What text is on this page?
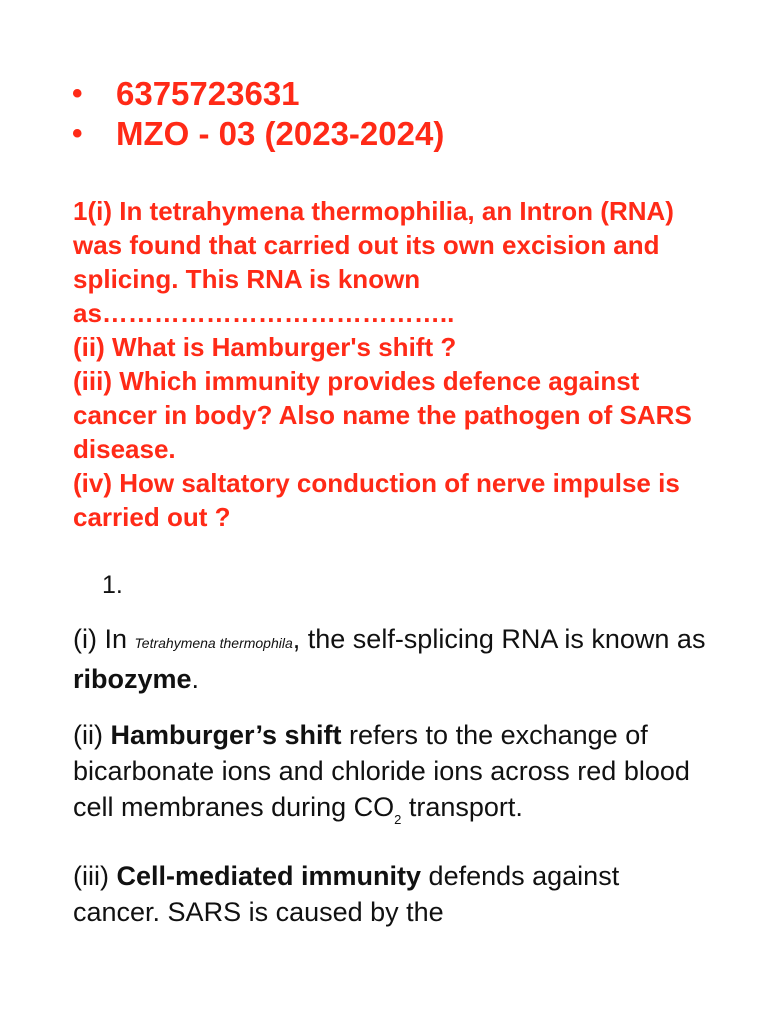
•	6375723631
•	MZO - 03 (2023-2024)

1(i) In tetrahymena thermophilia, an Intron (RNA) was found that carried out its own excision and splicing. This RNA is known as…………………………………..

(ii) What is Hamburger's shift ?

(iii) Which immunity provides defence against cancer in body? Also name the pathogen of SARS disease.

(iv) How saltatory conduction of nerve impulse is carried out ?

1.

(i) In Tetrahymena thermophila, the self-splicing RNA is known as ribozyme.

(ii) Hamburger’s shift refers to the exchange of bicarbonate ions and chloride ions across red blood cell membranes during $CO_2$ transport.

(iii) Cell-mediated immunity defends against cancer. SARS is caused by the
